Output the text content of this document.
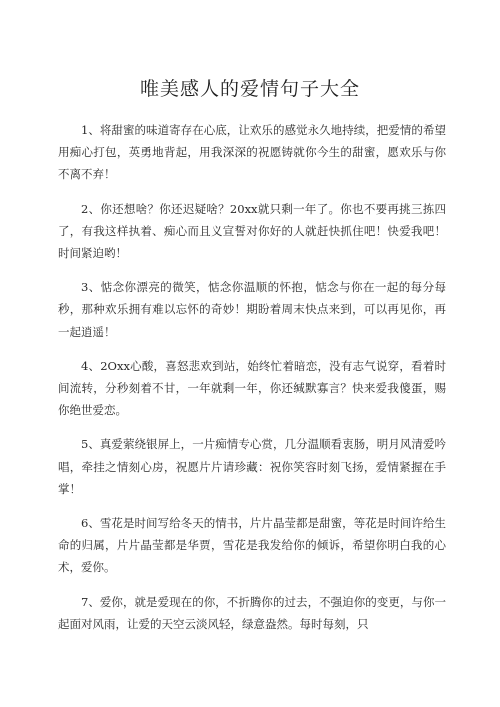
唯美感人的爱情句子大全

1、将甜蜜的味道寄存在心底，让欢乐的感觉永久地持续，把爱情的希望用痴心打包，英勇地背起，用我深深的祝愿铸就你今生的甜蜜，愿欢乐与你不离不弃！

2、你还想啥？你还迟疑啥？20xx就只剩一年了。你也不要再挑三拣四了，有我这样执着、痴心而且义宣誓对你好的人就赶快抓住吧！快爱我吧！时间紧迫哟！

3、惦念你漂亮的微笑，惦念你温顺的怀抱，惦念与你在一起的每分每秒，那种欢乐拥有难以忘怀的奇妙！期盼着周末快点来到，可以再见你，再一起逍遥！

4、2Oxx心酸，喜怒悲欢到站，始终忙着暗恋，没有志气说穿，看着时间流转，分秒刻着不甘，一年就剩一年，你还缄默寡言？快来爱我傻蛋，赐你绝世爱恋。

5、真爱萦绕银屏上，一片痴情专心赏，几分温顺看衷肠，明月风清爱吟唱，牵挂之情刻心房，祝愿片片请珍藏：祝你笑容时刻飞扬，爱情紧握在手掌！

6、雪花是时间写给冬天的情书，片片晶莹都是甜蜜，等花是时间许给生命的归属，片片晶莹都是华贾，雪花是我发给你的倾诉，希望你明白我的心术，爱你。

7、爱你，就是爱现在的你，不折腾你的过去，不强迫你的变更，与你一起面对风雨，让爱的天空云淡风轻，绿意盎然。每时每刻，只
